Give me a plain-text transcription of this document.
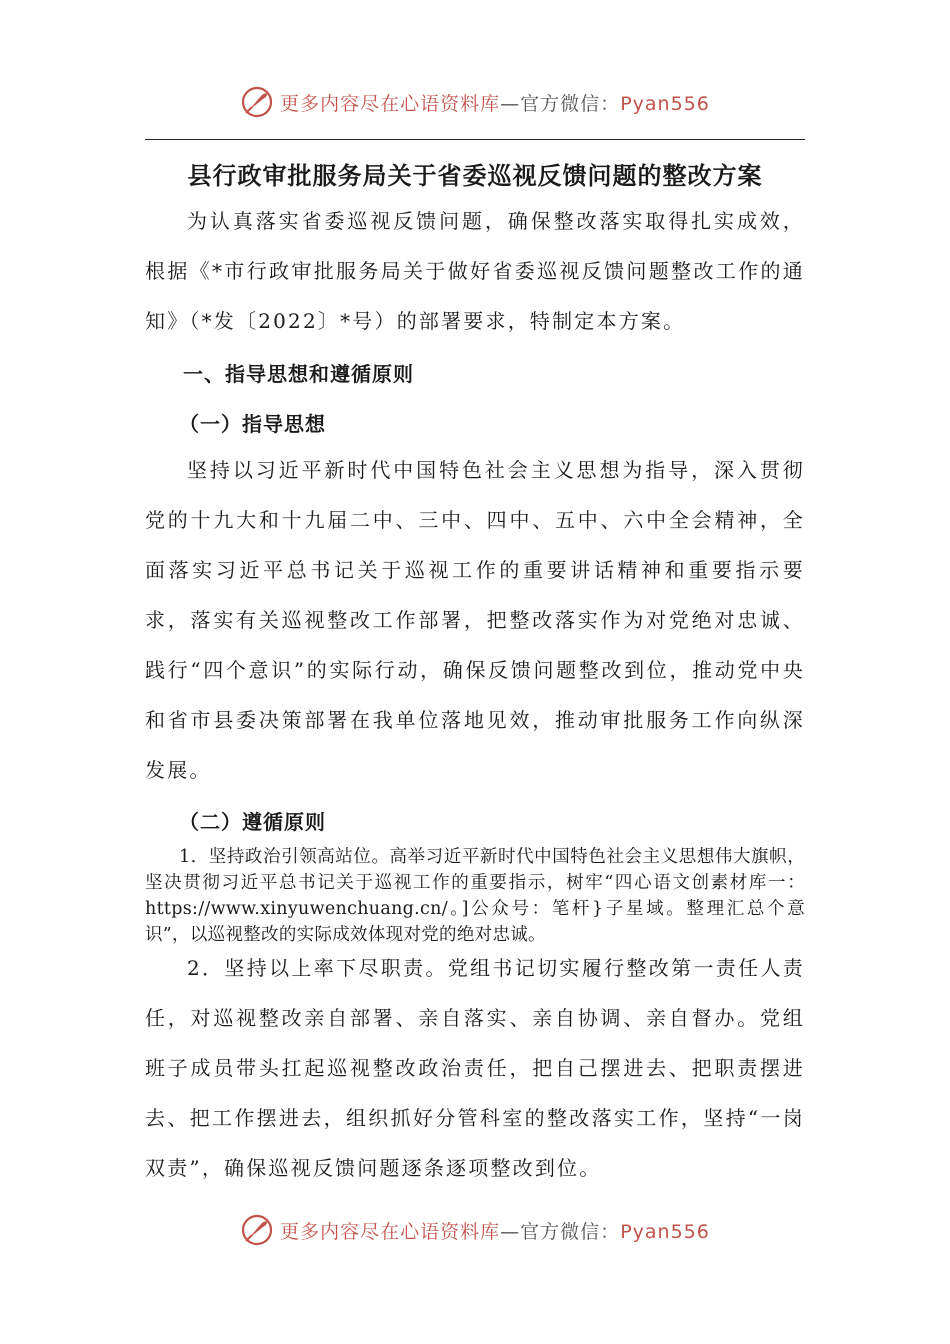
更多内容尽在心语资料库—官方微信：Pyan556
县行政审批服务局关于省委巡视反馈问题的整改方案

为认真落实省委巡视反馈问题，确保整改落实取得扎实成效，根据《*市行政审批服务局关于做好省委巡视反馈问题整改工作的通知》（*发〔2022〕*号）的部署要求，特制定本方案。

一、指导思想和遵循原则
（一）指导思想

坚持以习近平新时代中国特色社会主义思想为指导，深入贯彻党的十九大和十九届二中、三中、四中、五中、六中全会精神，全面落实习近平总书记关于巡视工作的重要讲话精神和重要指示要求，落实有关巡视整改工作部署，把整改落实作为对党绝对忠诚、践行“四个意识”的实际行动，确保反馈问题整改到位，推动党中央和省市县委决策部署在我单位落地见效，推动审批服务工作向纵深发展。

（二）遵循原则

1．坚持政治引领高站位。高举习近平新时代中国特色社会主义思想伟大旗帜，坚决贯彻习近平总书记关于巡视工作的重要指示，树牢“四心语文创素材库一：https://www.xinyuwenchuang.cn/。]公众号：笔杆}子星域。整理汇总个意识”，以巡视整改的实际成效体现对党的绝对忠诚。

2．坚持以上率下尽职责。党组书记切实履行整改第一责任人责任，对巡视整改亲自部署、亲自落实、亲自协调、亲自督办。党组班子成员带头扛起巡视整改政治责任，把自己摆进去、把职责摆进去、把工作摆进去，组织抓好分管科室的整改落实工作，坚持“一岗双责”，确保巡视反馈问题逐条逐项整改到位。

更多内容尽在心语资料库—官方微信：Pyan556
